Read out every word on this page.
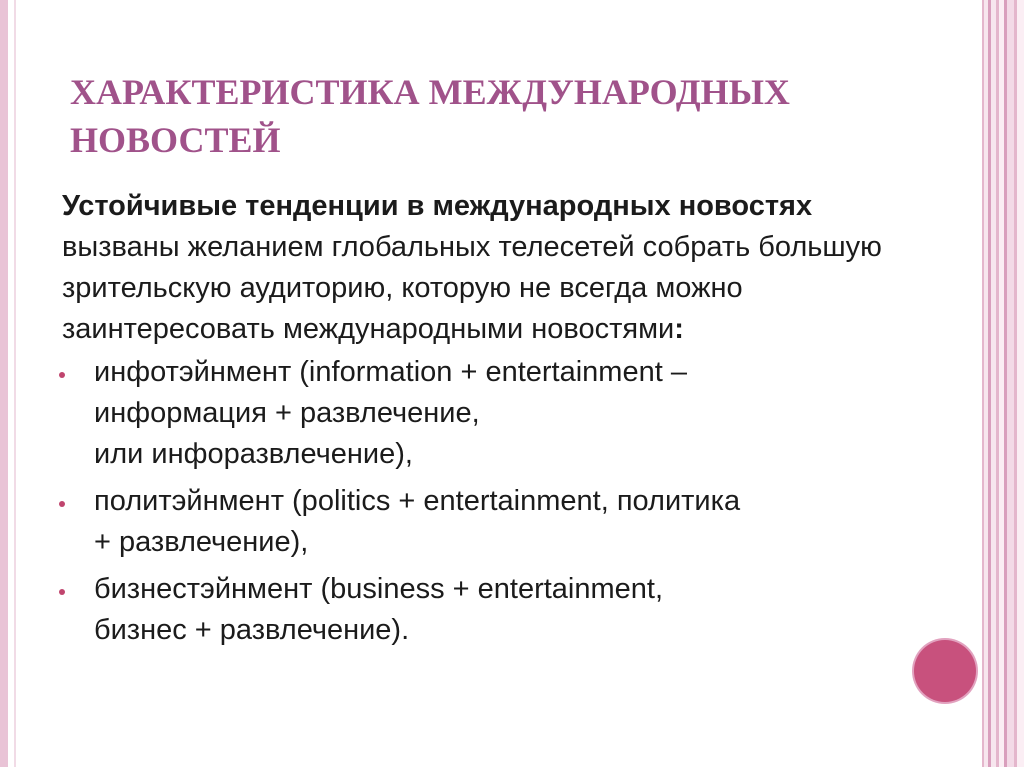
ХАРАКТЕРИСТИКА МЕЖДУНАРОДНЫХ
НОВОСТЕЙ
Устойчивые тенденции в международных новостях вызваны желанием глобальных телесетей собрать большую зрительскую аудиторию, которую не всегда можно заинтересовать международными новостями:
инфотэйнмент (information + entertainment –
информация + развлечение,
или инфоразвлечение),
политэйнмент (politics + entertainment, политика
+ развлечение),
бизнестэйнмент (business + entertainment,
бизнес + развлечение).
